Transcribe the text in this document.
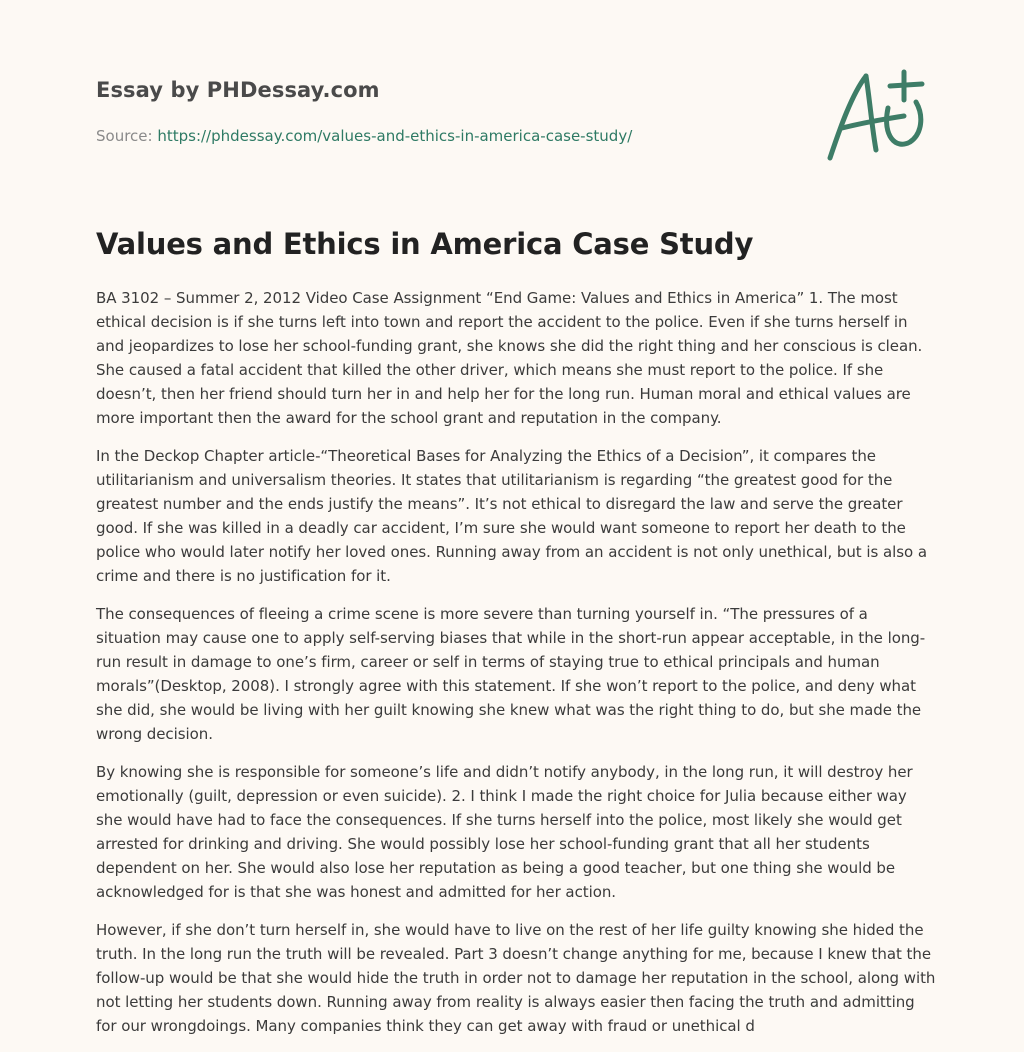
Essay by PHDessay.com
Source: https://phdessay.com/values-and-ethics-in-america-case-study/
Values and Ethics in America Case Study

BA 3102 – Summer 2, 2012 Video Case Assignment “End Game: Values and Ethics in America” 1. The most ethical decision is if she turns left into town and report the accident to the police. Even if she turns herself in and jeopardizes to lose her school-funding grant, she knows she did the right thing and her conscious is clean. She caused a fatal accident that killed the other driver, which means she must report to the police. If she doesn’t, then her friend should turn her in and help her for the long run. Human moral and ethical values are more important then the award for the school grant and reputation in the company.

In the Deckop Chapter article-“Theoretical Bases for Analyzing the Ethics of a Decision”, it compares the utilitarianism and universalism theories. It states that utilitarianism is regarding “the greatest good for the greatest number and the ends justify the means”. It’s not ethical to disregard the law and serve the greater good. If she was killed in a deadly car accident, I’m sure she would want someone to report her death to the police who would later notify her loved ones. Running away from an accident is not only unethical, but is also a crime and there is no justification for it.

The consequences of fleeing a crime scene is more severe than turning yourself in. “The pressures of a situation may cause one to apply self-serving biases that while in the short-run appear acceptable, in the long-run result in damage to one’s firm, career or self in terms of staying true to ethical principals and human morals”(Desktop, 2008). I strongly agree with this statement. If she won’t report to the police, and deny what she did, she would be living with her guilt knowing she knew what was the right thing to do, but she made the wrong decision.

By knowing she is responsible for someone’s life and didn’t notify anybody, in the long run, it will destroy her emotionally (guilt, depression or even suicide). 2. I think I made the right choice for Julia because either way she would have had to face the consequences. If she turns herself into the police, most likely she would get arrested for drinking and driving. She would possibly lose her school-funding grant that all her students dependent on her. She would also lose her reputation as being a good teacher, but one thing she would be acknowledged for is that she was honest and admitted for her action.

However, if she don’t turn herself in, she would have to live on the rest of her life guilty knowing she hided the truth. In the long run the truth will be revealed. Part 3 doesn’t change anything for me, because I knew that the follow-up would be that she would hide the truth in order not to damage her reputation in the school, along with not letting her students down. Running away from reality is always easier then facing the truth and admitting for our wrongdoings. Many companies think they can get away with fraud or unethical d
